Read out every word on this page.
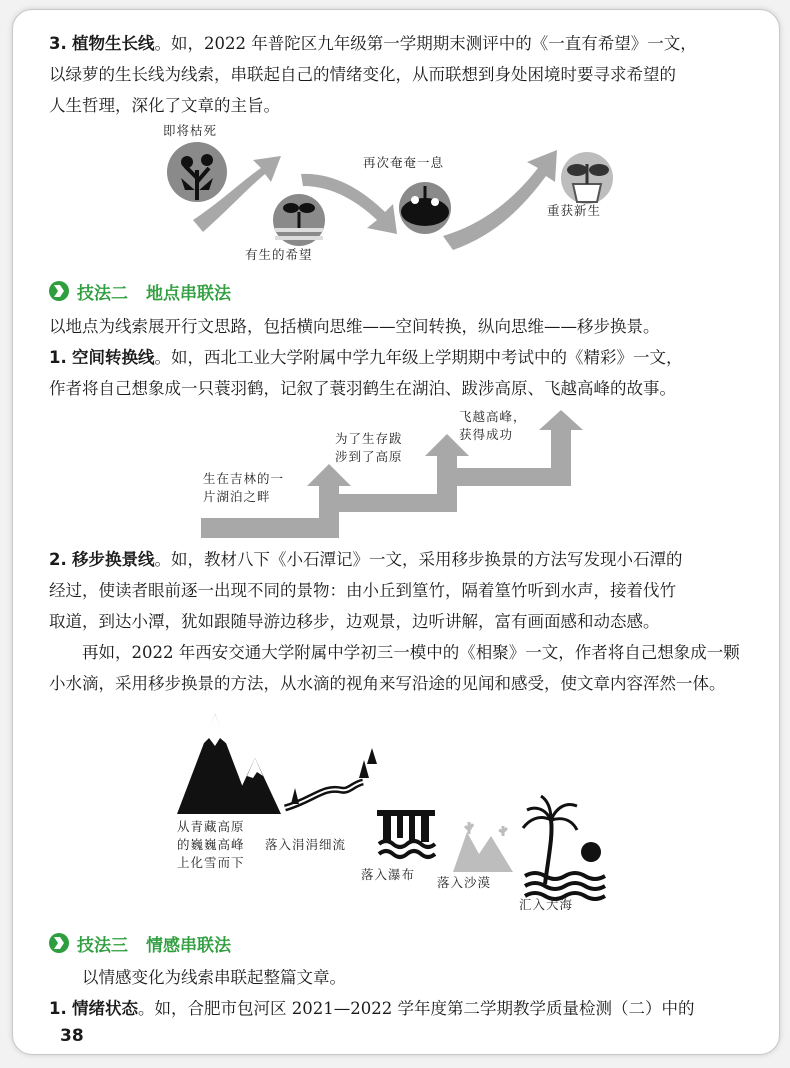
3. 植物生长线。如，2022 年普陀区九年级第一学期期末测评中的《一直有希望》一文，
以绿萝的生长线为线索，串联起自己的情绪变化，从而联想到身处困境时要寻求希望的
人生哲理，深化了文章的主旨。
即将枯死
有生的希望
再次奄奄一息
重获新生
技法二 地点串联法
以地点为线索展开行文思路，包括横向思维——空间转换，纵向思维——移步换景。
1. 空间转换线。如，西北工业大学附属中学九年级上学期期中考试中的《精彩》一文，
作者将自己想象成一只蓑羽鹤，记叙了蓑羽鹤生在湖泊、跋涉高原、飞越高峰的故事。
生在吉林的一
片湖泊之畔
为了生存跋
涉到了高原
飞越高峰，
获得成功
2. 移步换景线。如，教材八下《小石潭记》一文，采用移步换景的方法写发现小石潭的
经过，使读者眼前逐一出现不同的景物：由小丘到篁竹，隔着篁竹听到水声，接着伐竹
取道，到达小潭，犹如跟随导游边移步，边观景，边听讲解，富有画面感和动态感。
再如，2022 年西安交通大学附属中学初三一模中的《相聚》一文，作者将自己想象成一颗
小水滴，采用移步换景的方法，从水滴的视角来写沿途的见闻和感受，使文章内容浑然一体。
从青藏高原
的巍巍高峰
上化雪而下
落入涓涓细流
落入瀑布
落入沙漠
汇入大海
技法三 情感串联法
以情感变化为线索串联起整篇文章。
1. 情绪状态。如，合肥市包河区 2021—2022 学年度第二学期教学质量检测（二）中的
38
